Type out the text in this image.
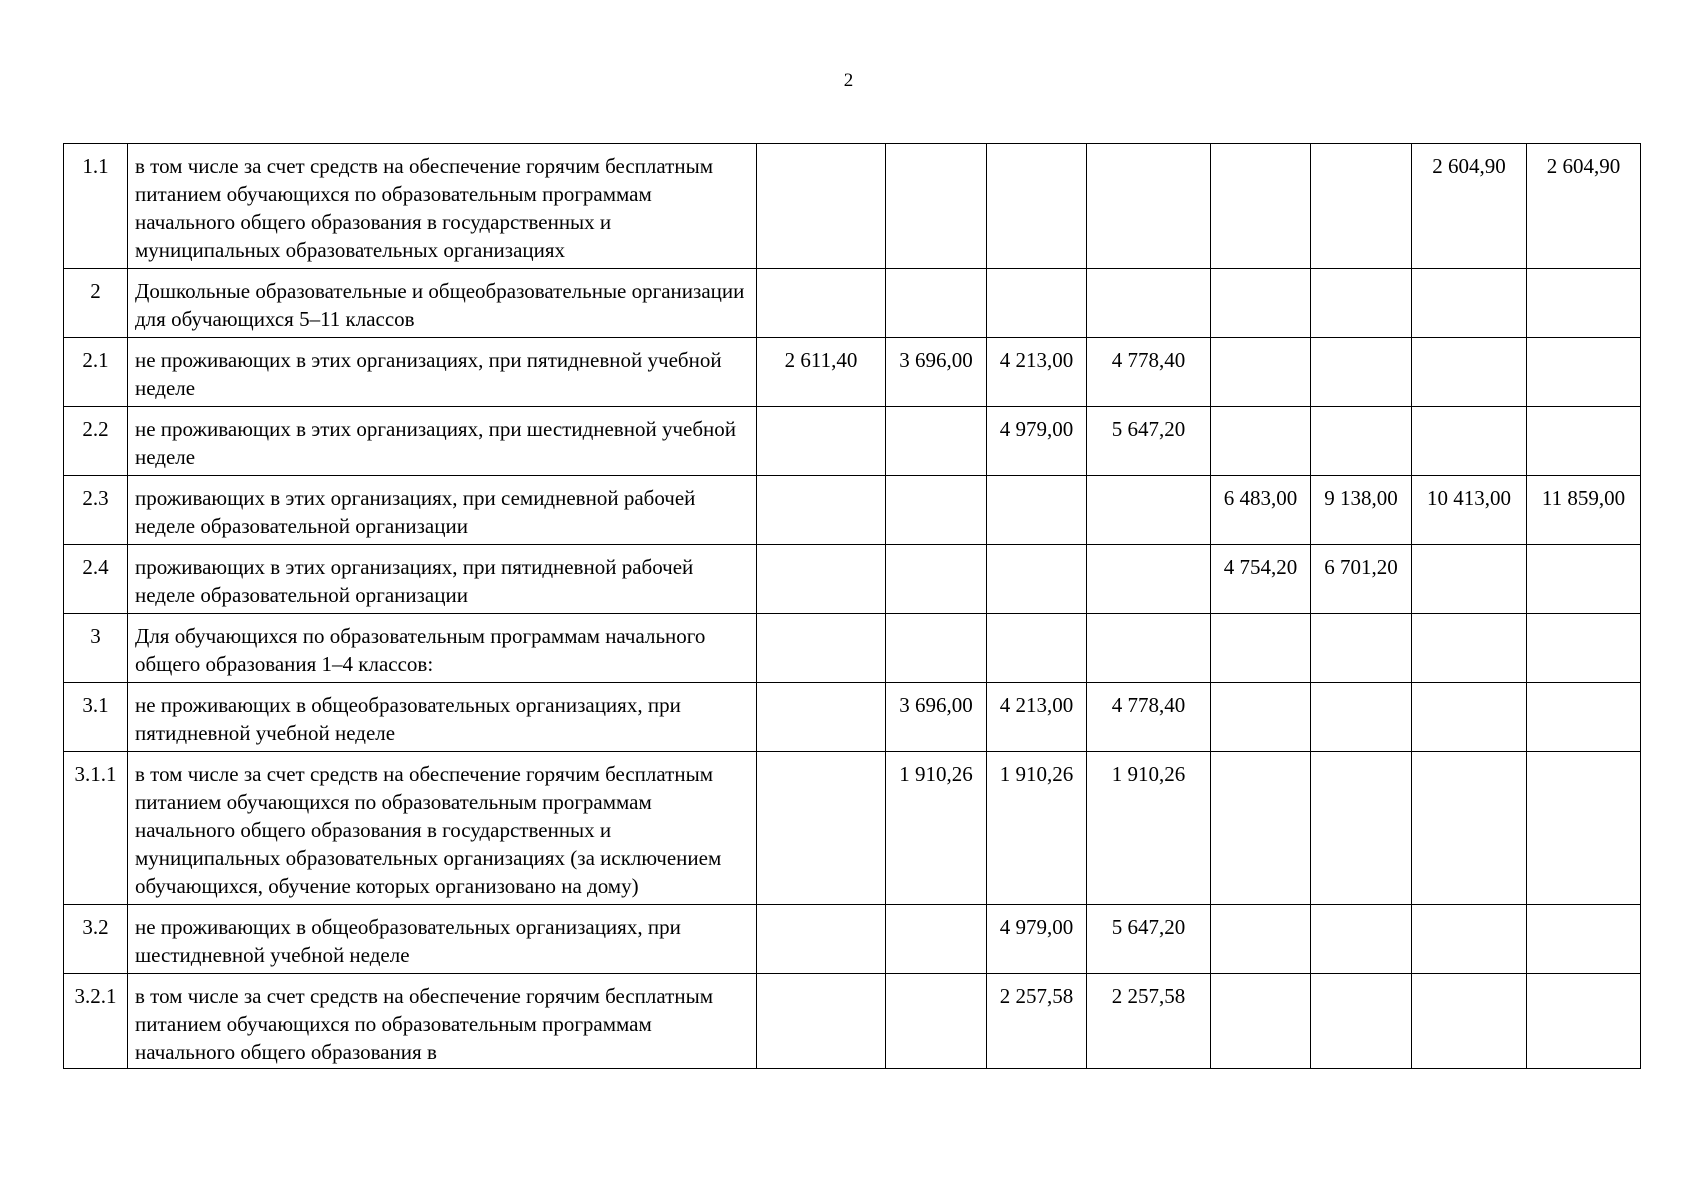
2
1.1	в том числе за счет средств на обеспечение горячим бесплатным питанием обучающихся по образовательным программам начального общего образования в государственных и муниципальных образовательных организациях							2 604,90	2 604,90
2	Дошкольные образовательные и общеобразовательные организации для обучающихся 5–11 классов								
2.1	не проживающих в этих организациях, при пятидневной учебной неделе	2 611,40	3 696,00	4 213,00	4 778,40				
2.2	не проживающих в этих организациях, при шестидневной учебной неделе			4 979,00	5 647,20				
2.3	проживающих в этих организациях, при семидневной рабочей неделе образовательной организации					6 483,00	9 138,00	10 413,00	11 859,00
2.4	проживающих в этих организациях, при пятидневной рабочей неделе образовательной организации					4 754,20	6 701,20		
3	Для обучающихся по образовательным программам начального общего образования 1–4 классов:								
3.1	не проживающих в общеобразовательных организациях, при пятидневной учебной неделе		3 696,00	4 213,00	4 778,40				
3.1.1	в том числе за счет средств на обеспечение горячим бесплатным питанием обучающихся по образовательным программам начального общего образования в государственных и муниципальных образовательных организациях (за исключением обучающихся, обучение которых организовано на дому)		1 910,26	1 910,26	1 910,26				
3.2	не проживающих в общеобразовательных организациях, при шестидневной учебной неделе			4 979,00	5 647,20				
3.2.1	в том числе за счет средств на обеспечение горячим бесплатным питанием обучающихся по образовательным программам начального общего образования в			2 257,58	2 257,58				
